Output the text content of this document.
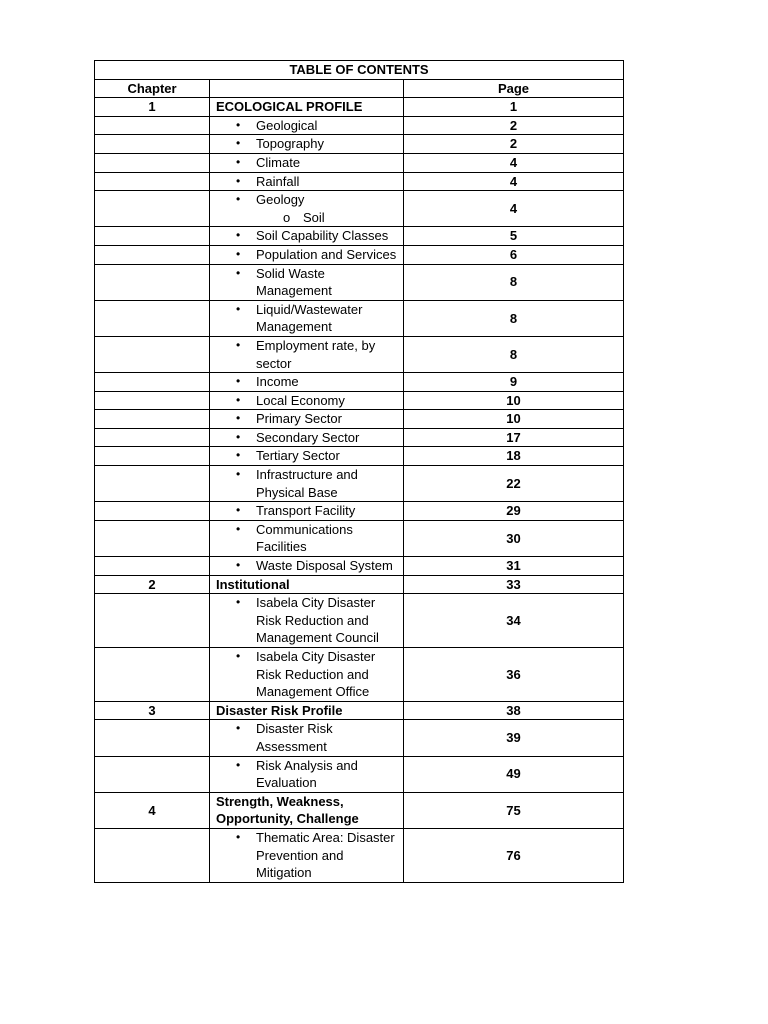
TABLE OF CONTENTS		
Chapter		Page
1	ECOLOGICAL PROFILE	1

	• Geological	2

	• Topography	2

	• Climate	4

	• Rainfall	4

	• Geology
o Soil	4

	• Soil Capability Classes	5

	• Population and Services	6

	• Solid Waste Management	8

	• Liquid/Wastewater Management	8

	• Employment rate, by sector	8

	• Income	9

	• Local Economy	10

	• Primary Sector	10

	• Secondary Sector	17

	• Tertiary Sector	18

	• Infrastructure and Physical Base	22

	• Transport Facility	29

	• Communications Facilities	30

	• Waste Disposal System	31
2	Institutional	33

	• Isabela City Disaster Risk Reduction and Management Council	34

	• Isabela City Disaster Risk Reduction and Management Office	36
3	Disaster Risk Profile	38

	• Disaster Risk Assessment	39

	• Risk Analysis and Evaluation	49
4	Strength, Weakness, Opportunity, Challenge	75

	• Thematic Area: Disaster Prevention and Mitigation	76
